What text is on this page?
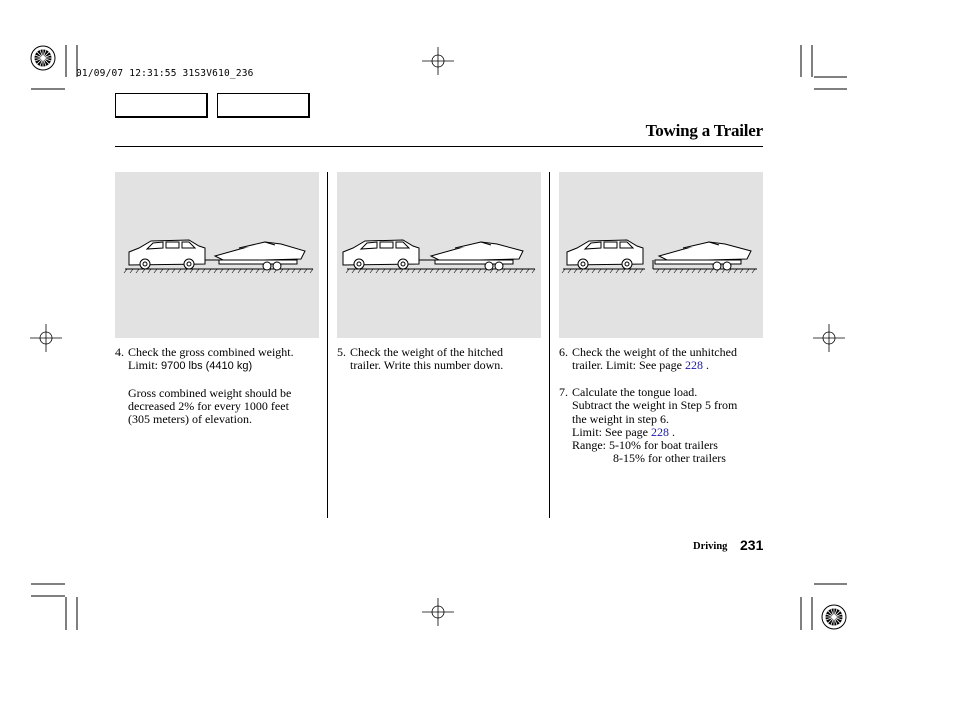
01/09/07 12:31:55 31S3V610_236
Towing a Trailer
4. Check the gross combined weight.
Limit: 9700 lbs (4410 kg)
Gross combined weight should be
decreased 2% for every 1000 feet
(305 meters) of elevation.
5. Check the weight of the hitched
trailer. Write this number down.
6. Check the weight of the unhitched
trailer. Limit: See page 228 .
7. Calculate the tongue load.
Subtract the weight in Step 5 from
the weight in step 6.
Limit: See page 228 .
Range: 5-10% for boat trailers
8-15% for other trailers
Driving 231
